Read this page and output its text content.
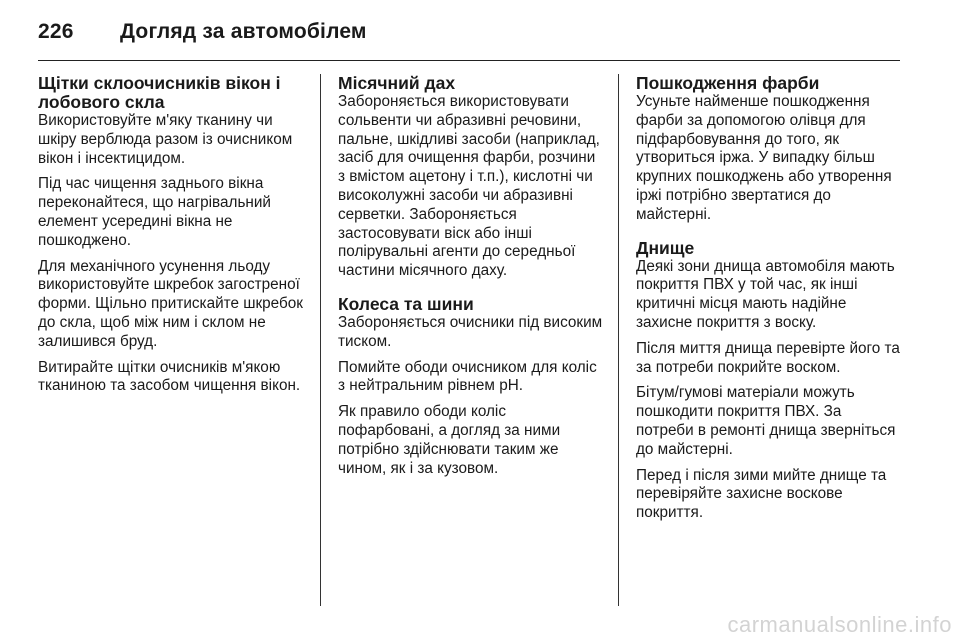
226	Догляд за автомобілем
Щітки склоочисників вікон і лобового скла

Використовуйте м'яку тканину чи шкіру верблюда разом із очисником вікон і інсектицидом.

Під час чищення заднього вікна переконайтеся, що нагрівальний елемент усередині вікна не пошкоджено.

Для механічного усунення льоду використовуйте шкребок загостреної форми. Щільно притискайте шкребок до скла, щоб між ним і склом не залишився бруд.

Витирайте щітки очисників м'якою тканиною та засобом чищення вікон.

Місячний дах

Забороняється використовувати сольвенти чи абразивні речовини, пальне, шкідливі засоби (наприклад, засіб для очищення фарби, розчини з вмістом ацетону і т.п.), кислотні чи високолужні засоби чи абразивні серветки. Забороняється застосовувати віск або інші полірувальні агенти до середньої частини місячного даху.

Колеса та шини

Забороняється очисники під високим тиском.

Помийте ободи очисником для коліс з нейтральним рівнем рН.

Як правило ободи коліс пофарбовані, а догляд за ними потрібно здійснювати таким же чином, як і за кузовом.

Пошкодження фарби

Усуньте найменше пошкодження фарби за допомогою олівця для підфарбовування до того, як утвориться іржа. У випадку більш крупних пошкоджень або утворення іржі потрібно звертатися до майстерні.

Днище

Деякі зони днища автомобіля мають покриття ПВХ у той час, як інші критичні місця мають надійне захисне покриття з воску.

Після миття днища перевірте його та за потреби покрийте воском.

Бітум/гумові матеріали можуть пошкодити покриття ПВХ. За потреби в ремонті днища зверніться до майстерні.

Перед і після зими мийте днище та перевіряйте захисне воскове покриття.

carmanualsonline.info
